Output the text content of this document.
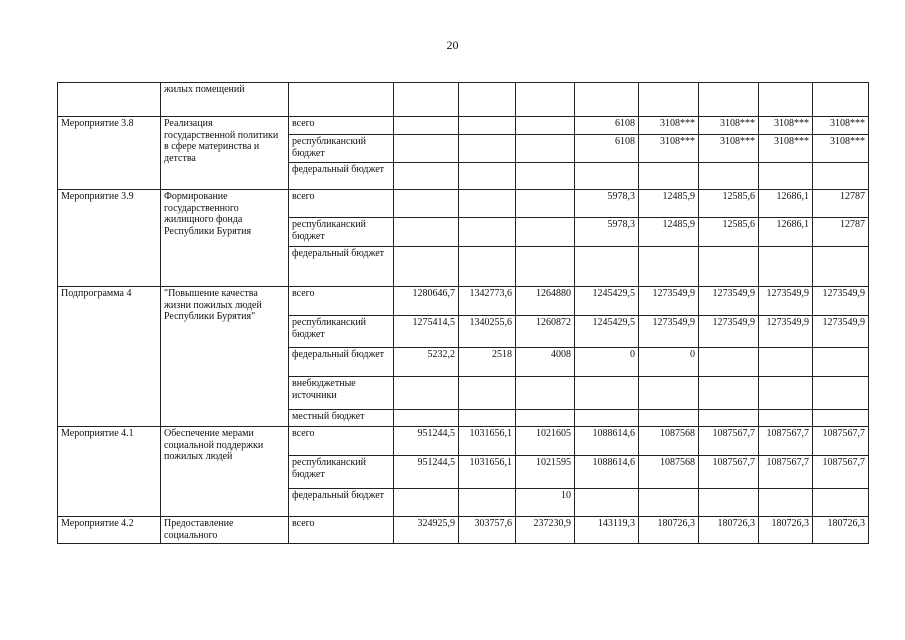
20
	жилых помещений									
Мероприятие 3.8	Реализация государственной политики в сфере материнства и детства	всего				6108	3108***	3108***	3108***	3108***
		республиканский бюджет				6108	3108***	3108***	3108***	3108***
		федеральный бюджет								
Мероприятие 3.9	Формирование государственного жилищного фонда Республики Бурятия	всего				5978,3	12485,9	12585,6	12686,1	12787
		республиканский бюджет				5978,3	12485,9	12585,6	12686,1	12787
		федеральный бюджет								
Подпрограмма 4	"Повышение качества жизни пожилых людей Республики Бурятия"	всего	1280646,7	1342773,6	1264880	1245429,5	1273549,9	1273549,9	1273549,9	1273549,9
		республиканский бюджет	1275414,5	1340255,6	1260872	1245429,5	1273549,9	1273549,9	1273549,9	1273549,9
		федеральный бюджет	5232,2	2518	4008	0	0			
		внебюджетные источники								
		местный бюджет								
Мероприятие 4.1	Обеспечение мерами социальной поддержки пожилых людей	всего	951244,5	1031656,1	1021605	1088614,6	1087568	1087567,7	1087567,7	1087567,7
		республиканский бюджет	951244,5	1031656,1	1021595	1088614,6	1087568	1087567,7	1087567,7	1087567,7
		федеральный бюджет			10					
Мероприятие 4.2	Предоставление социального	всего	324925,9	303757,6	237230,9	143119,3	180726,3	180726,3	180726,3	180726,3
